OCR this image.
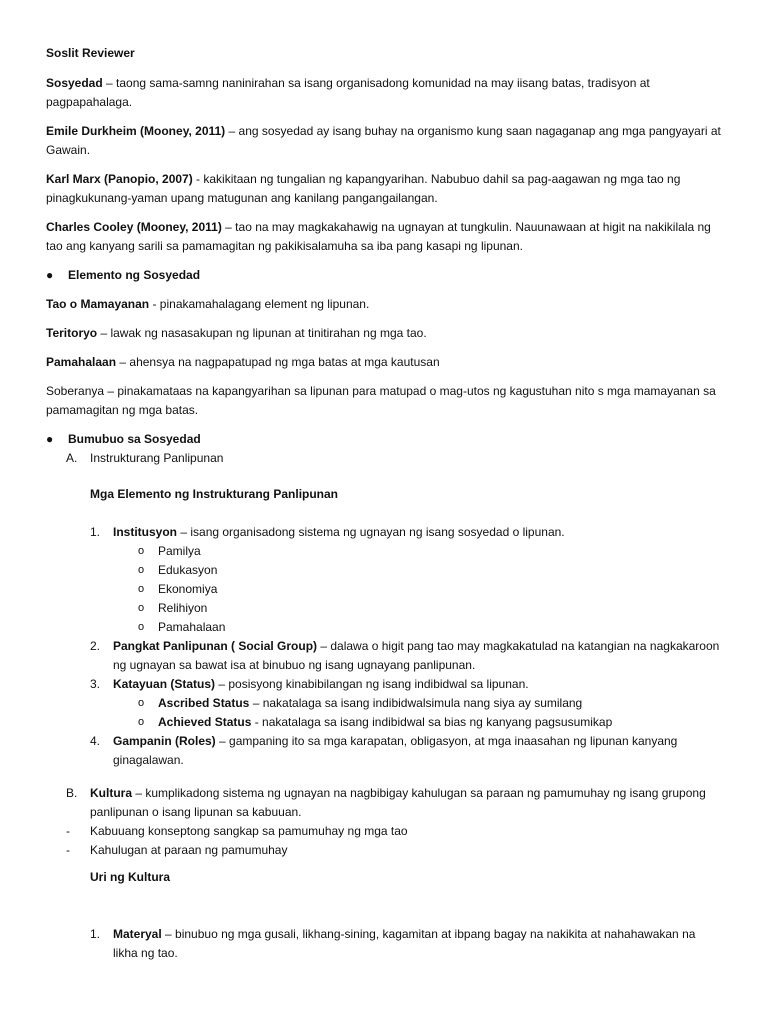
Soslit Reviewer

Sosyedad – taong sama-samng naninirahan sa isang organisadong komunidad na may iisang batas, tradisyon at pagpapahalaga.

Emile Durkheim (Mooney, 2011) – ang sosyedad ay isang buhay na organismo kung saan nagaganap ang mga pangyayari at Gawain.

Karl Marx (Panopio, 2007) - kakikitaan ng tungalian ng kapangyarihan. Nabubuo dahil sa pag-aagawan ng mga tao ng pinagkukunang-yaman upang matugunan ang kanilang pangangailangan.

Charles Cooley (Mooney, 2011) – tao na may magkakahawig na ugnayan at tungkulin. Nauunawaan at higit na nakikilala ng tao ang kanyang sarili sa pamamagitan ng pakikisalamuha sa iba pang kasapi ng lipunan.

● Elemento ng Sosyedad

Tao o Mamayanan - pinakamahalagang element ng lipunan.

Teritoryo – lawak ng nasasakupan ng lipunan at tinitirahan ng mga tao.

Pamahalaan – ahensya na nagpapatupad ng mga batas at mga kautusan

Soberanya – pinakamataas na kapangyarihan sa lipunan para matupad o mag-utos ng kagustuhan nito s mga mamayanan sa pamamagitan ng mga batas.

● Bumubuo sa Sosyedad

A. Instrukturang Panlipunan

Mga Elemento ng Instrukturang Panlipunan

1. Institusyon – isang organisadong sistema ng ugnayan ng isang sosyedad o lipunan.

o Pamilya

o Edukasyon

o Ekonomiya

o Relihiyon

o Pamahalaan

2. Pangkat Panlipunan ( Social Group) – dalawa o higit pang tao may magkakatulad na katangian na nagkakaroon ng ugnayan sa bawat isa at binubuo ng isang ugnayang panlipunan.

3. Katayuan (Status) – posisyong kinabibilangan ng isang indibidwal sa lipunan.

o Ascribed Status – nakatalaga sa isang indibidwalsimula nang siya ay sumilang

o Achieved Status - nakatalaga sa isang indibidwal sa bias ng kanyang pagsusumikap

4. Gampanin (Roles) – gampaning ito sa mga karapatan, obligasyon, at mga inaasahan ng lipunan kanyang ginagalawan.

B. Kultura – kumplikadong sistema ng ugnayan na nagbibigay kahulugan sa paraan ng pamumuhay ng isang grupong panlipunan o isang lipunan sa kabuuan.

- Kabuuang konseptong sangkap sa pamumuhay ng mga tao

- Kahulugan at paraan ng pamumuhay

Uri ng Kultura

1. Materyal – binubuo ng mga gusali, likhang-sining, kagamitan at ibpang bagay na nakikita at nahahawakan na likha ng tao.
